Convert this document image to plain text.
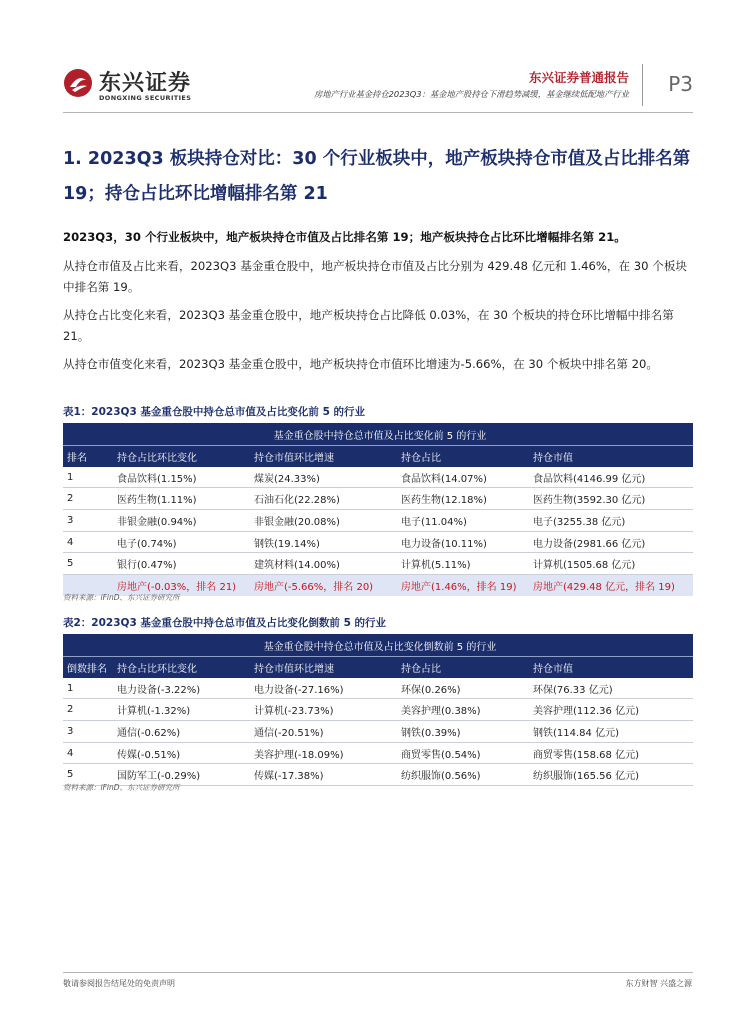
东兴证券
DONGXING SECURITIES
东兴证券普通报告
房地产行业基金持仓2023Q3：基金地产股持仓下滑趋势减缓，基金继续低配地产行业 P3
1. 2023Q3 板块持仓对比：30 个行业板块中，地产板块持仓市值及占比排名第 19；持仓占比环比增幅排名第 21
2023Q3，30 个行业板块中，地产板块持仓市值及占比排名第 19；地产板块持仓占比环比增幅排名第 21。
从持仓市值及占比来看，2023Q3 基金重仓股中，地产板块持仓市值及占比分别为 429.48 亿元和 1.46%，在 30 个板块中排名第 19。
从持仓占比变化来看，2023Q3 基金重仓股中，地产板块持仓占比降低 0.03%，在 30 个板块的持仓环比增幅中排名第 21。
从持仓市值变化来看，2023Q3 基金重仓股中，地产板块持仓市值环比增速为-5.66%，在 30 个板块中排名第 20。
表1：2023Q3 基金重仓股中持仓总市值及占比变化前 5 的行业
基金重仓股中持仓总市值及占比变化前 5 的行业				
排名	持仓占比环比变化	持仓市值环比增速	持仓占比	持仓市值
1	食品饮料(1.15%)	煤炭(24.33%)	食品饮料(14.07%)	食品饮料(4146.99 亿元)
2	医药生物(1.11%)	石油石化(22.28%)	医药生物(12.18%)	医药生物(3592.30 亿元)
3	非银金融(0.94%)	非银金融(20.08%)	电子(11.04%)	电子(3255.38 亿元)
4	电子(0.74%)	钢铁(19.14%)	电力设备(10.11%)	电力设备(2981.66 亿元)
5	银行(0.47%)	建筑材料(14.00%)	计算机(5.11%)	计算机(1505.68 亿元)
	房地产(-0.03%，排名 21)	房地产(-5.66%，排名 20)	房地产(1.46%，排名 19)	房地产(429.48 亿元，排名 19)
资料来源：iFinD、东兴证券研究所
表2：2023Q3 基金重仓股中持仓总市值及占比变化倒数前 5 的行业
基金重仓股中持仓总市值及占比变化倒数前 5 的行业				
倒数排名	持仓占比环比变化	持仓市值环比增速	持仓占比	持仓市值
1	电力设备(-3.22%)	电力设备(-27.16%)	环保(0.26%)	环保(76.33 亿元)
2	计算机(-1.32%)	计算机(-23.73%)	美容护理(0.38%)	美容护理(112.36 亿元)
3	通信(-0.62%)	通信(-20.51%)	钢铁(0.39%)	钢铁(114.84 亿元)
4	传媒(-0.51%)	美容护理(-18.09%)	商贸零售(0.54%)	商贸零售(158.68 亿元)
5	国防军工(-0.29%)	传媒(-17.38%)	纺织服饰(0.56%)	纺织服饰(165.56 亿元)
资料来源：iFinD、东兴证券研究所
敬请参阅报告结尾处的免责声明	东方财智 兴盛之源
